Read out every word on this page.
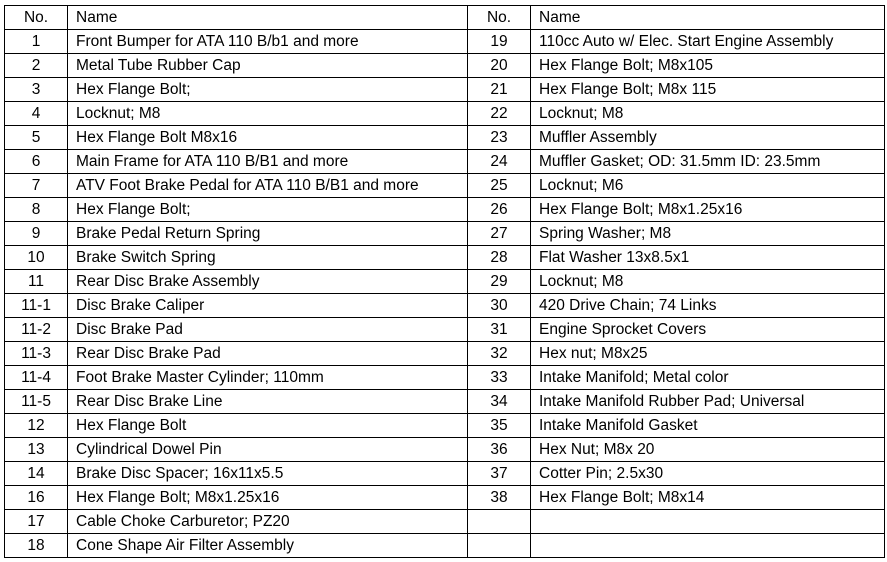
No.	Name	No.	Name
1	Front Bumper for ATA 110 B/b1 and more	19	110cc Auto w/ Elec. Start Engine Assembly
2	Metal Tube Rubber Cap	20	Hex Flange Bolt; M8x105
3	Hex Flange Bolt;	21	Hex Flange Bolt; M8x 115
4	Locknut; M8	22	Locknut; M8
5	Hex Flange Bolt M8x16	23	Muffler Assembly
6	Main Frame for ATA 110 B/B1 and more	24	Muffler Gasket; OD: 31.5mm ID: 23.5mm
7	ATV Foot Brake Pedal for ATA 110 B/B1 and more	25	Locknut; M6
8	Hex Flange Bolt;	26	Hex Flange Bolt; M8x1.25x16
9	Brake Pedal Return Spring	27	Spring Washer; M8
10	Brake Switch Spring	28	Flat Washer 13x8.5x1
11	Rear Disc Brake Assembly	29	Locknut; M8
11-1	Disc Brake Caliper	30	420 Drive Chain; 74 Links
11-2	Disc Brake Pad	31	Engine Sprocket Covers
11-3	Rear Disc Brake Pad	32	Hex nut; M8x25
11-4	Foot Brake Master Cylinder; 110mm	33	Intake Manifold; Metal color
11-5	Rear Disc Brake Line	34	Intake Manifold Rubber Pad; Universal
12	Hex Flange Bolt	35	Intake Manifold Gasket
13	Cylindrical Dowel Pin	36	Hex Nut; M8x 20
14	Brake Disc Spacer; 16x11x5.5	37	Cotter Pin; 2.5x30
16	Hex Flange Bolt; M8x1.25x16	38	Hex Flange Bolt; M8x14
17	Cable Choke Carburetor; PZ20		
18	Cone Shape Air Filter Assembly		
